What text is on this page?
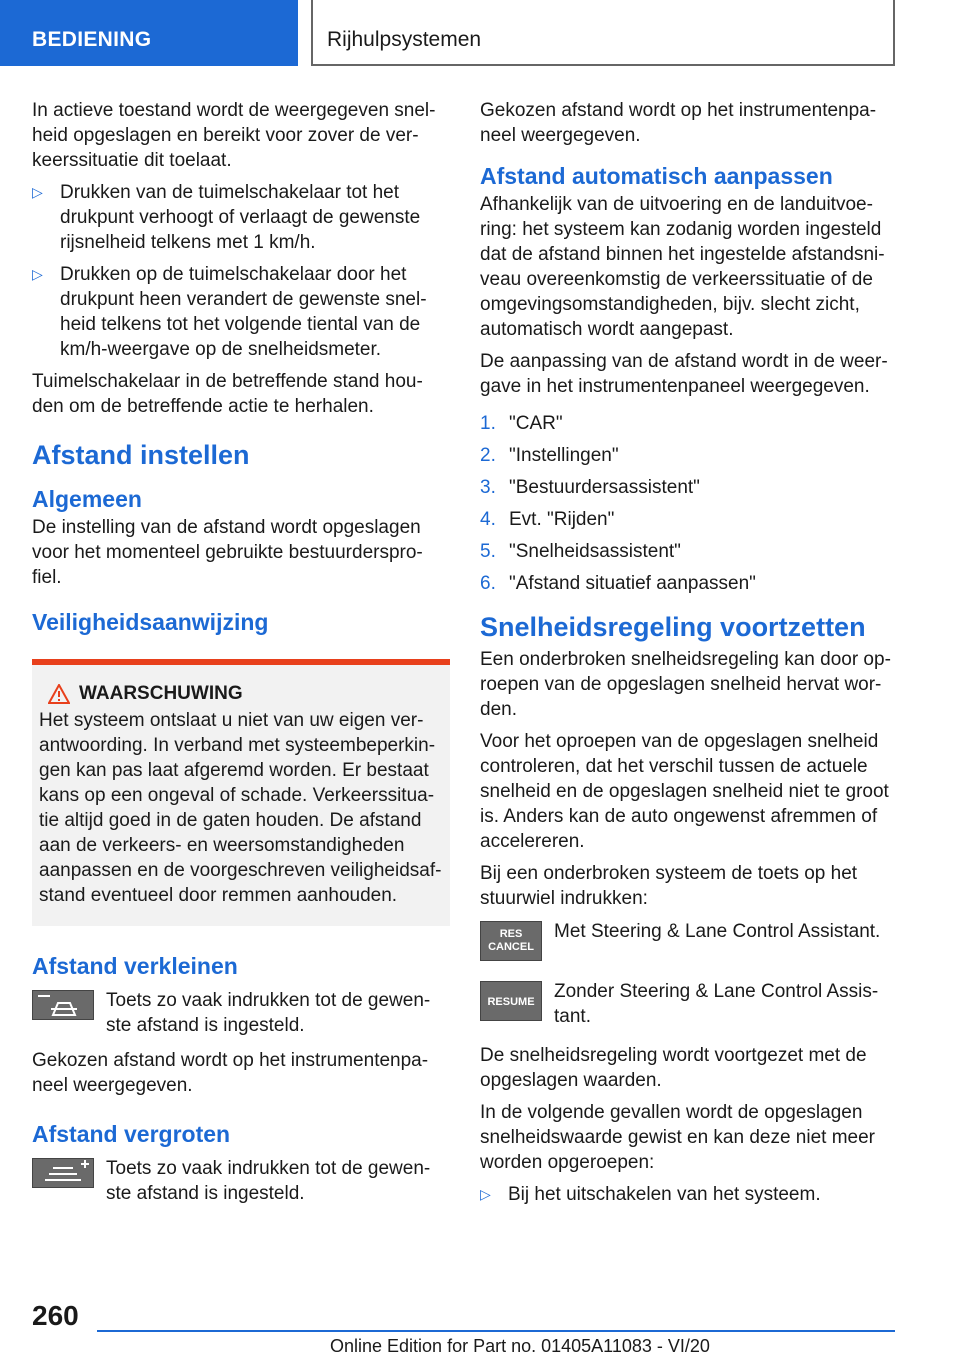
BEDIENING	Rijhulpsystemen

In actieve toestand wordt de weergegeven snel-heid opgeslagen en bereikt voor zover de ver-keerssituatie dit toelaat.

▷ Drukken van de tuimelschakelaar tot het drukpunt verhoogt of verlaagt de gewenste rijsnelheid telkens met 1 km/h.
▷ Drukken op de tuimelschakelaar door het drukpunt heen verandert de gewenste snel-heid telkens tot het volgende tiental van de km/h-weergave op de snelheidsmeter.

Tuimelschakelaar in de betreffende stand hou-den om de betreffende actie te herhalen.

Afstand instellen
Algemeen

De instelling van de afstand wordt opgeslagen voor het momenteel gebruikte bestuurderspro-fiel.

Veiligheidsaanwijzing
WAARSCHUWING
Het systeem ontslaat u niet van uw eigen ver-antwoording. In verband met systeembeperkin-gen kan pas laat afgeremd worden. Er bestaat kans op een ongeval of schade. Verkeerssitua-tie altijd goed in de gaten houden. De afstand aan de verkeers- en weersomstandigheden aanpassen en de voorgeschreven veiligheidsaf-stand eventueel door remmen aanhouden.
Afstand verkleinen
Toets zo vaak indrukken tot de gewen-ste afstand is ingesteld.

Gekozen afstand wordt op het instrumentenpa-neel weergegeven.

Afstand vergroten
Toets zo vaak indrukken tot de gewen-ste afstand is ingesteld.

Gekozen afstand wordt op het instrumentenpa-neel weergegeven.

Afstand automatisch aanpassen

Afhankelijk van de uitvoering en de landuitvoe-ring: het systeem kan zodanig worden ingesteld dat de afstand binnen het ingestelde afstandsni-veau overeenkomstig de verkeerssituatie of de omgevingsomstandigheden, bijv. slecht zicht, automatisch wordt aangepast.

De aanpassing van de afstand wordt in de weer-gave in het instrumentenpaneel weergegeven.

1. "CAR"
2. "Instellingen"
3. "Bestuurdersassistent"
4. Evt. "Rijden"
5. "Snelheidsassistent"
6. "Afstand situatief aanpassen"
Snelheidsregeling voortzetten

Een onderbroken snelheidsregeling kan door op-roepen van de opgeslagen snelheid hervat wor-den.

Voor het oproepen van de opgeslagen snelheid controleren, dat het verschil tussen de actuele snelheid en de opgeslagen snelheid niet te groot is. Anders kan de auto ongewenst afremmen of accelereren.

Bij een onderbroken systeem de toets op het stuurwiel indrukken:

RES
CANCEL
Met Steering & Lane Control Assistant.
RESUME	Zonder Steering & Lane Control Assis-tant.

De snelheidsregeling wordt voortgezet met de opgeslagen waarden.

In de volgende gevallen wordt de opgeslagen snelheidswaarde gewist en kan deze niet meer worden opgeroepen:

▷ Bij het uitschakelen van het systeem.
260
Online Edition for Part no. 01405A11083 - VI/20
